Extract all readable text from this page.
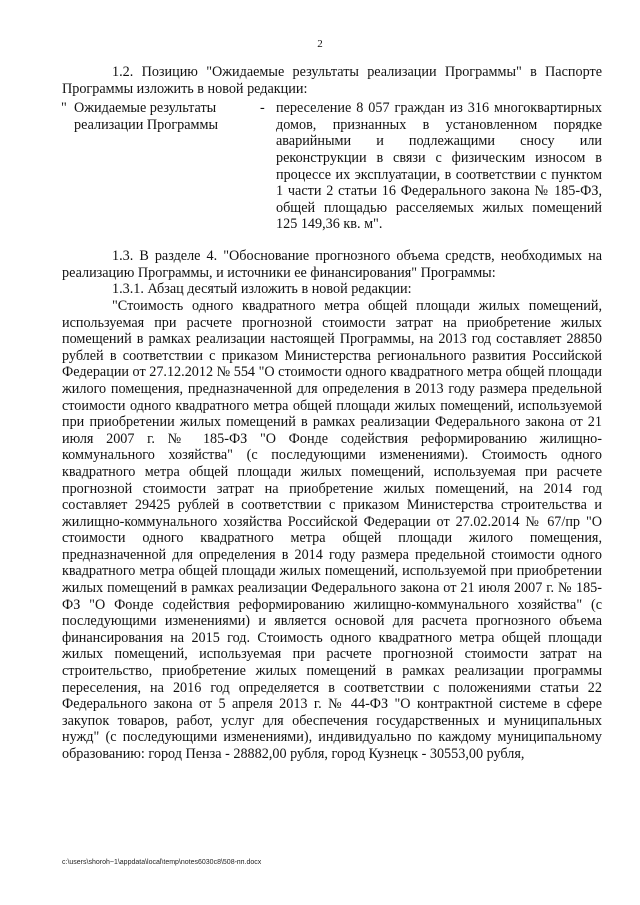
2

1.2. Позицию "Ожидаемые результаты реализации Программы" в Паспорте Программы изложить в новой редакции:

" Ожидаемые результаты реализации Программы
- переселение 8 057 граждан из 316 многоквартирных домов, признанных в установленном порядке аварийными и подлежащими сносу или реконструкции в связи с физическим износом в процессе их эксплуатации, в соответствии с пунктом 1 части 2 статьи 16 Федерального закона № 185-ФЗ, общей площадью расселяемых жилых помещений 125 149,36 кв. м".

1.3. В разделе 4. "Обоснование прогнозного объема средств, необходимых на реализацию Программы, и источники ее финансирования" Программы:

1.3.1. Абзац десятый изложить в новой редакции:

"Стоимость одного квадратного метра общей площади жилых помещений, используемая при расчете прогнозной стоимости затрат на приобретение жилых помещений в рамках реализации настоящей Программы, на 2013 год составляет 28850 рублей в соответствии с приказом Министерства регионального развития Российской Федерации от 27.12.2012 № 554 "О стоимости одного квадратного метра общей площади жилого помещения, предназначенной для определения в 2013 году размера предельной стоимости одного квадратного метра общей площади жилых помещений, используемой при приобретении жилых помещений в рамках реализации Федерального закона от 21 июля 2007 г. № 185-ФЗ "О Фонде содействия реформированию жилищно-коммунального хозяйства" (с последующими изменениями). Стоимость одного квадратного метра общей площади жилых помещений, используемая при расчете прогнозной стоимости затрат на приобретение жилых помещений, на 2014 год составляет 29425 рублей в соответствии с приказом Министерства строительства и жилищно-коммунального хозяйства Российской Федерации от 27.02.2014 № 67/пр "О стоимости одного квадратного метра общей площади жилого помещения, предназначенной для определения в 2014 году размера предельной стоимости одного квадратного метра общей площади жилых помещений, используемой при приобретении жилых помещений в рамках реализации Федерального закона от 21 июля 2007 г. № 185-ФЗ "О Фонде содействия реформированию жилищно-коммунального хозяйства" (с последующими изменениями) и является основой для расчета прогнозного объема финансирования на 2015 год. Стоимость одного квадратного метра общей площади жилых помещений, используемая при расчете прогнозной стоимости затрат на строительство, приобретение жилых помещений в рамках реализации программы переселения, на 2016 год определяется в соответствии с положениями статьи 22 Федерального закона от 5 апреля 2013 г. № 44-ФЗ "О контрактной системе в сфере закупок товаров, работ, услуг для обеспечения государственных и муниципальных нужд" (с последующими изменениями), индивидуально по каждому муниципальному образованию: город Пенза - 28882,00 рубля, город Кузнецк - 30553,00 рубля,

c:\users\shoroh~1\appdata\local\temp\notes6030c8\508-пп.docx
